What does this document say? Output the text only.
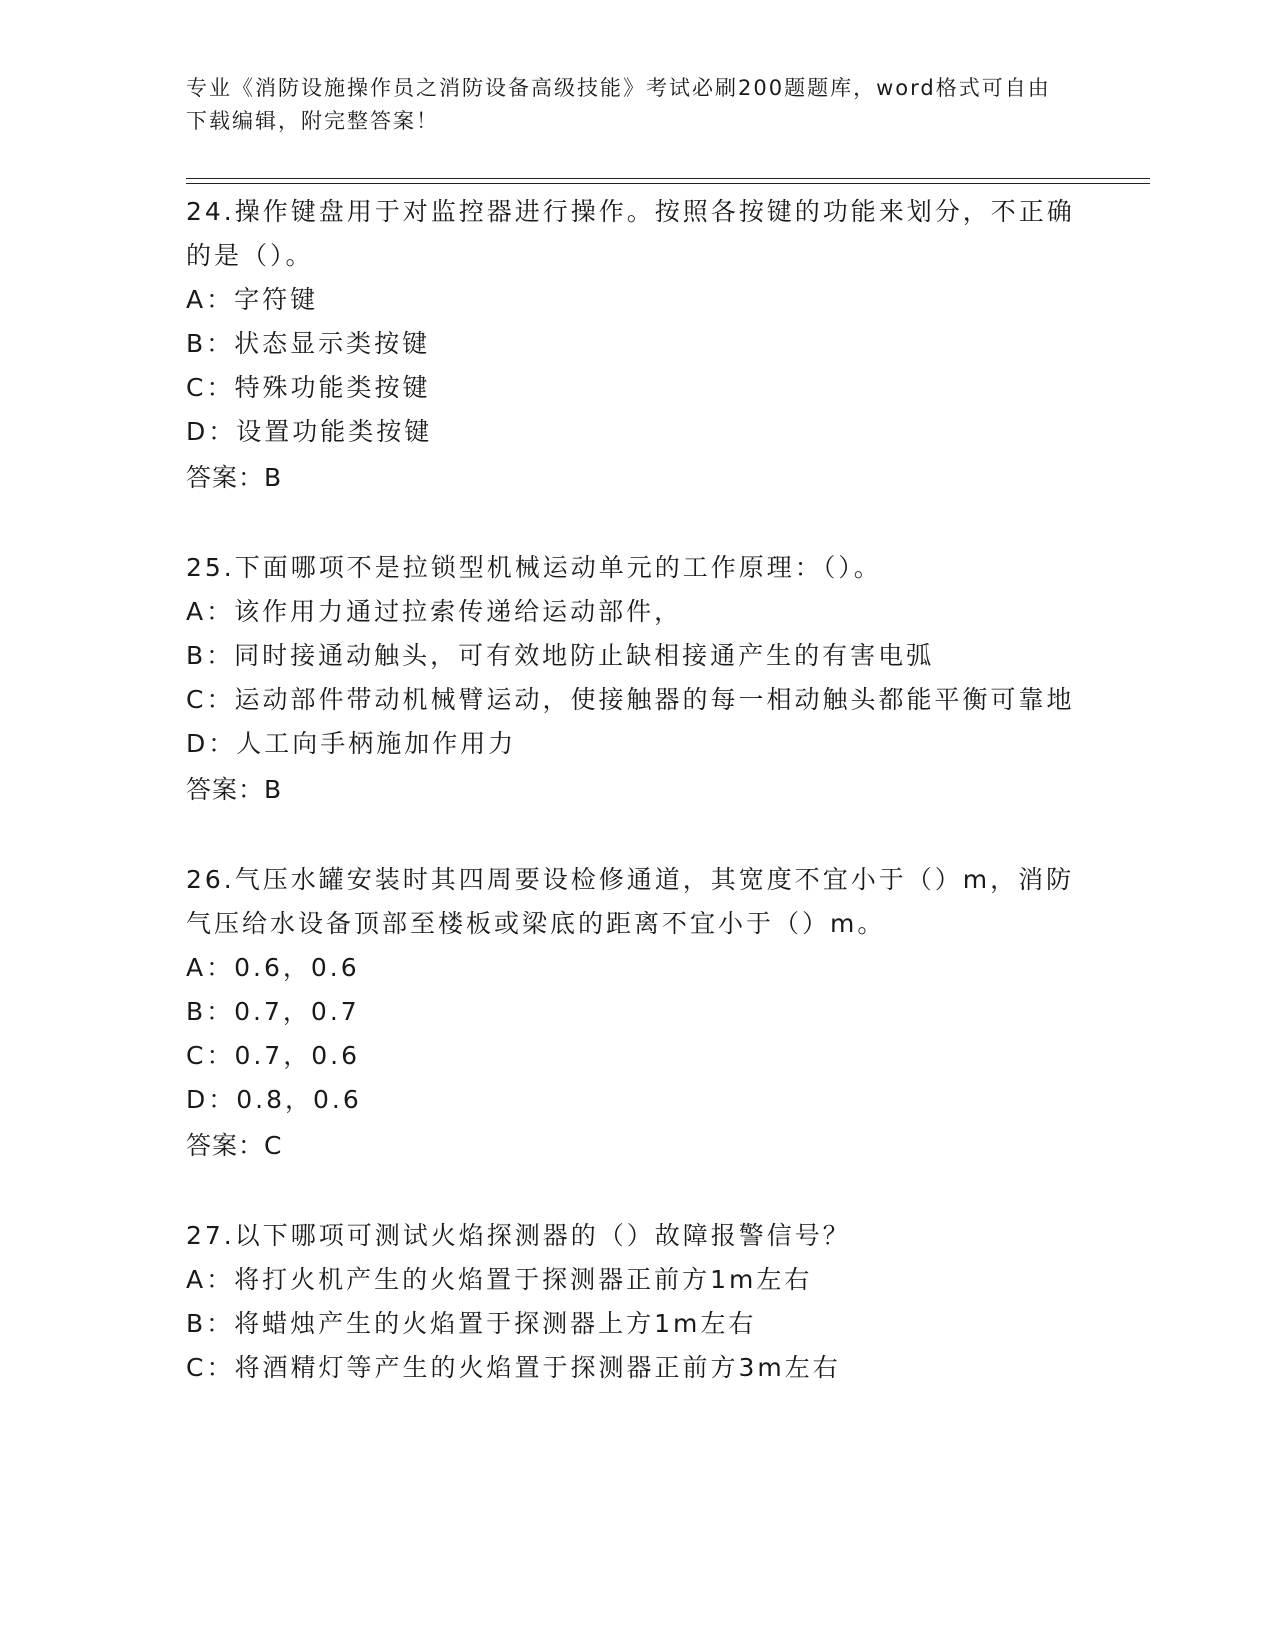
专业《消防设施操作员之消防设备高级技能》考试必刷200题题库，word格式可自由下载编辑，附完整答案！

24.操作键盘用于对监控器进行操作。按照各按键的功能来划分，不正确的是（）。

A：字符键

B：状态显示类按键

C：特殊功能类按键

D：设置功能类按键

答案：B

25.下面哪项不是拉锁型机械运动单元的工作原理：（）。

A：该作用力通过拉索传递给运动部件，

B：同时接通动触头，可有效地防止缺相接通产生的有害电弧

C：运动部件带动机械臂运动，使接触器的每一相动触头都能平衡可靠地

D：人工向手柄施加作用力

答案：B

26.气压水罐安装时其四周要设检修通道，其宽度不宜小于（）m，消防气压给水设备顶部至楼板或梁底的距离不宜小于（）m。

A：0.6，0.6

B：0.7，0.7

C：0.7，0.6

D：0.8，0.6

答案：C

27.以下哪项可测试火焰探测器的（）故障报警信号？

A：将打火机产生的火焰置于探测器正前方1m左右

B：将蜡烛产生的火焰置于探测器上方1m左右

C：将酒精灯等产生的火焰置于探测器正前方3m左右
